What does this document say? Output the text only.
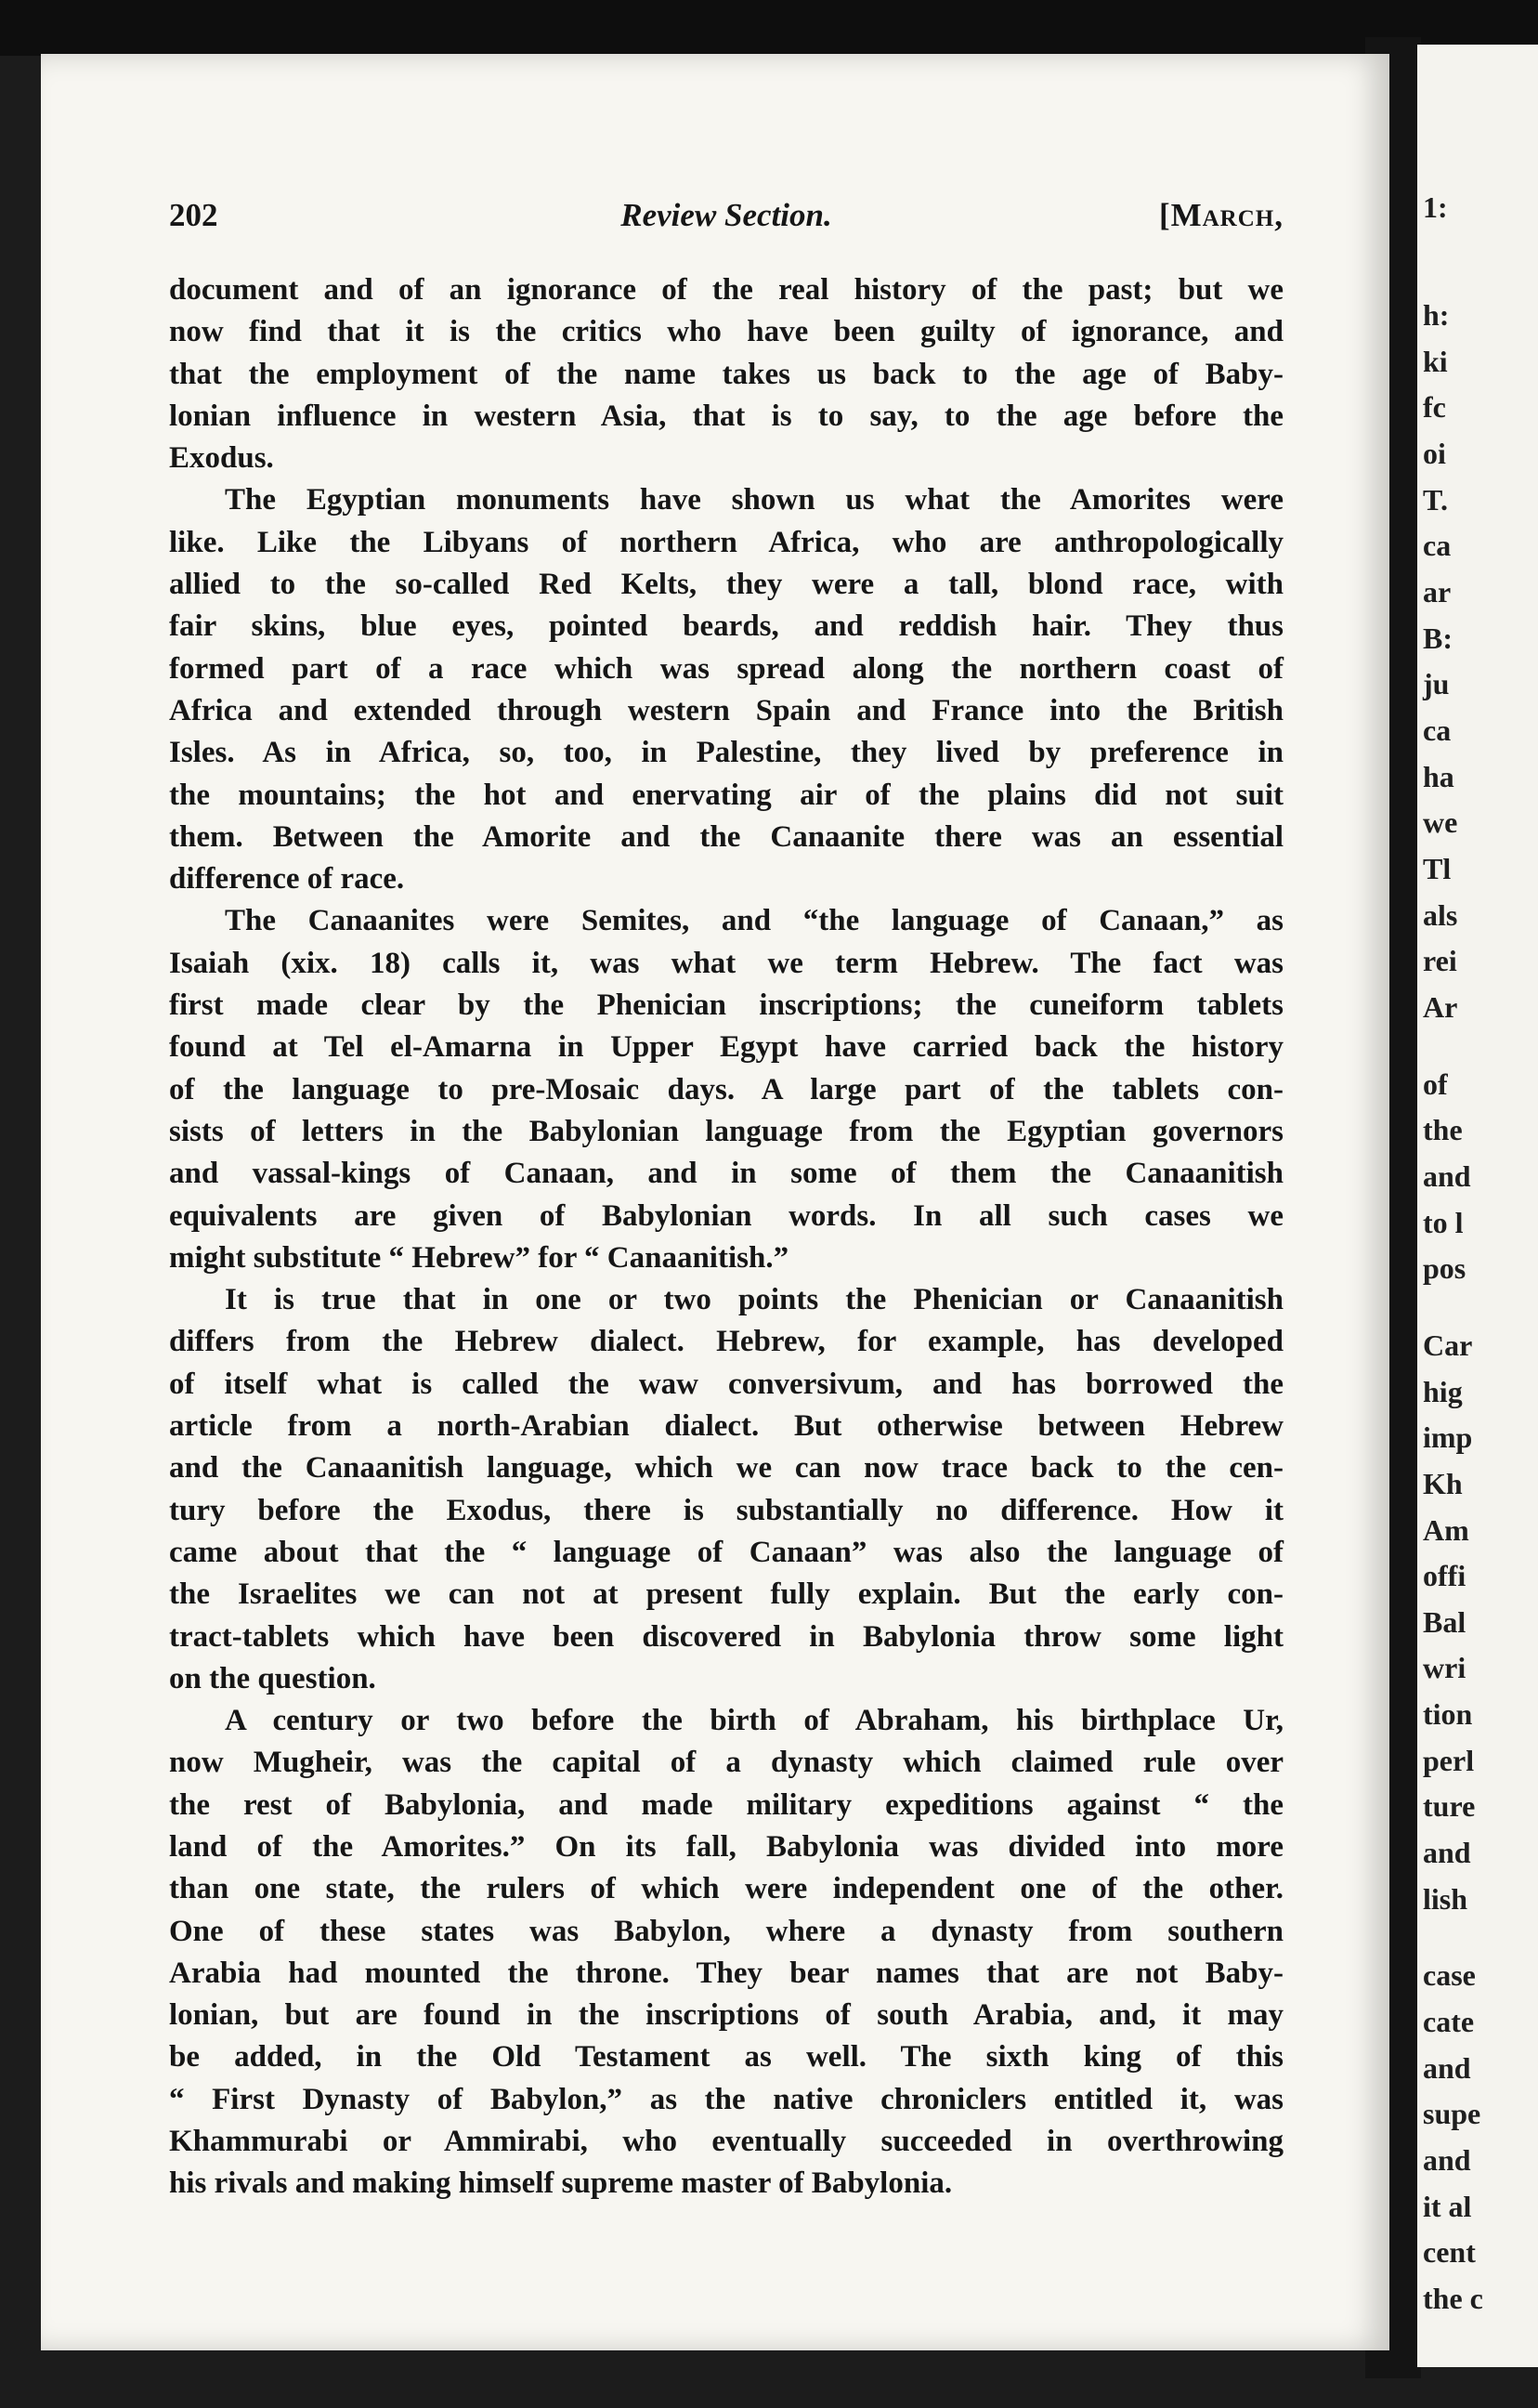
1:
h:
ki
fc
oi
T.
ca
ar
B:
ju
ca
ha
we
Tl
als
rei
Ar
of
the
and
to l
pos
Car
hig
imp
Kh
Am
offi
Bal
wri
tion
perl
ture
and
lish
case
cate
and
supe
and
it al
cent
the c
202	Review Section.	[March,
document and of an ignorance of the real history of the past; but we
now find that it is the critics who have been guilty of ignorance, and
that the employment of the name takes us back to the age of Baby-
lonian influence in western Asia, that is to say, to the age before the
Exodus.
The Egyptian monuments have shown us what the Amorites were
like. Like the Libyans of northern Africa, who are anthropologically
allied to the so-called Red Kelts, they were a tall, blond race, with
fair skins, blue eyes, pointed beards, and reddish hair. They thus
formed part of a race which was spread along the northern coast of
Africa and extended through western Spain and France into the British
Isles. As in Africa, so, too, in Palestine, they lived by preference in
the mountains; the hot and enervating air of the plains did not suit
them. Between the Amorite and the Canaanite there was an essential
difference of race.
The Canaanites were Semites, and “the language of Canaan,” as
Isaiah (xix. 18) calls it, was what we term Hebrew. The fact was
first made clear by the Phenician inscriptions; the cuneiform tablets
found at Tel el-Amarna in Upper Egypt have carried back the history
of the language to pre-Mosaic days. A large part of the tablets con-
sists of letters in the Babylonian language from the Egyptian governors
and vassal-kings of Canaan, and in some of them the Canaanitish
equivalents are given of Babylonian words. In all such cases we
might substitute “ Hebrew” for “ Canaanitish.”
It is true that in one or two points the Phenician or Canaanitish
differs from the Hebrew dialect. Hebrew, for example, has developed
of itself what is called the waw conversivum, and has borrowed the
article from a north-Arabian dialect. But otherwise between Hebrew
and the Canaanitish language, which we can now trace back to the cen-
tury before the Exodus, there is substantially no difference. How it
came about that the “ language of Canaan” was also the language of
the Israelites we can not at present fully explain. But the early con-
tract-tablets which have been discovered in Babylonia throw some light
on the question.
A century or two before the birth of Abraham, his birthplace Ur,
now Mugheir, was the capital of a dynasty which claimed rule over
the rest of Babylonia, and made military expeditions against “ the
land of the Amorites.” On its fall, Babylonia was divided into more
than one state, the rulers of which were independent one of the other.
One of these states was Babylon, where a dynasty from southern
Arabia had mounted the throne. They bear names that are not Baby-
lonian, but are found in the inscriptions of south Arabia, and, it may
be added, in the Old Testament as well. The sixth king of this
“ First Dynasty of Babylon,” as the native chroniclers entitled it, was
Khammurabi or Ammirabi, who eventually succeeded in overthrowing
his rivals and making himself supreme master of Babylonia.
